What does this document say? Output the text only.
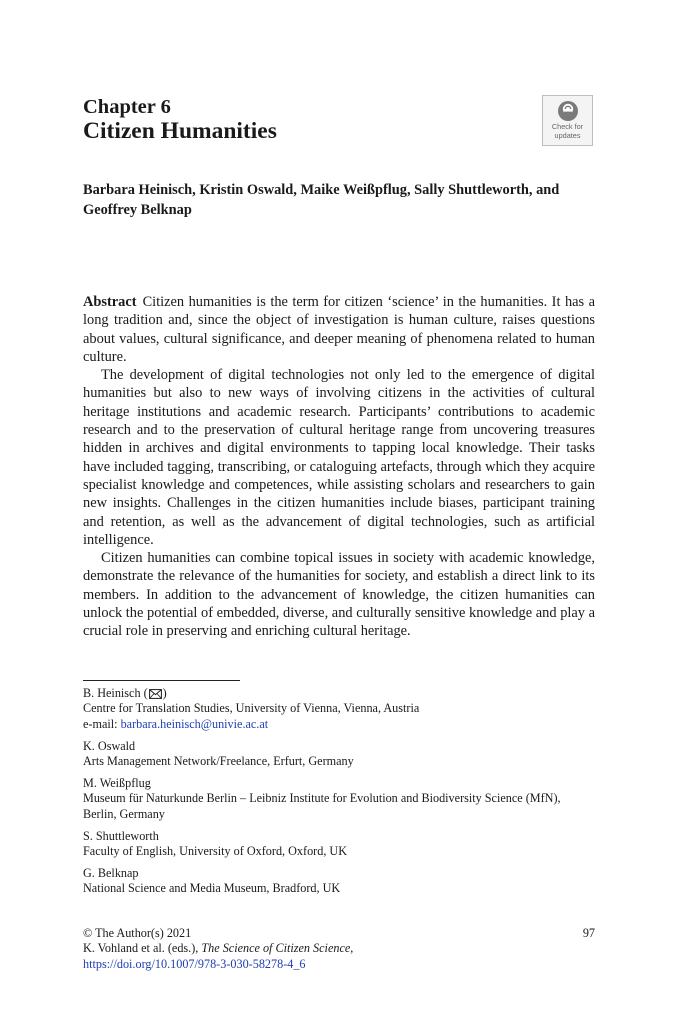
Chapter 6
Citizen Humanities	Check for
updates

Barbara Heinisch, Kristin Oswald, Maike Weißpflug, Sally Shuttleworth, and Geoffrey Belknap

Abstract Citizen humanities is the term for citizen ‘science’ in the humanities. It has a long tradition and, since the object of investigation is human culture, raises questions about values, cultural significance, and deeper meaning of phenomena related to human culture.

The development of digital technologies not only led to the emergence of digital humanities but also to new ways of involving citizens in the activities of cultural heritage institutions and academic research. Participants’ contributions to academic research and to the preservation of cultural heritage range from uncovering treasures hidden in archives and digital environments to tapping local knowledge. Their tasks have included tagging, transcribing, or cataloguing artefacts, through which they acquire specialist knowledge and competences, while assisting scholars and researchers to gain new insights. Challenges in the citizen humanities include biases, participant training and retention, as well as the advancement of digital technologies, such as artificial intelligence.

Citizen humanities can combine topical issues in society with academic knowledge, demonstrate the relevance of the humanities for society, and establish a direct link to its members. In addition to the advancement of knowledge, the citizen humanities can unlock the potential of embedded, diverse, and culturally sensitive knowledge and play a crucial role in preserving and enriching cultural heritage.

B. Heinisch ( )
Centre for Translation Studies, University of Vienna, Vienna, Austria
e-mail: barbara.heinisch@univie.ac.at
K. Oswald
Arts Management Network/Freelance, Erfurt, Germany
M. Weißpflug
Museum für Naturkunde Berlin – Leibniz Institute for Evolution and Biodiversity Science (MfN), Berlin, Germany
S. Shuttleworth
Faculty of English, University of Oxford, Oxford, UK
G. Belknap
National Science and Media Museum, Bradford, UK
© The Author(s) 2021	97
K. Vohland et al. (eds.), The Science of Citizen Science,
https://doi.org/10.1007/978-3-030-58278-4_6
